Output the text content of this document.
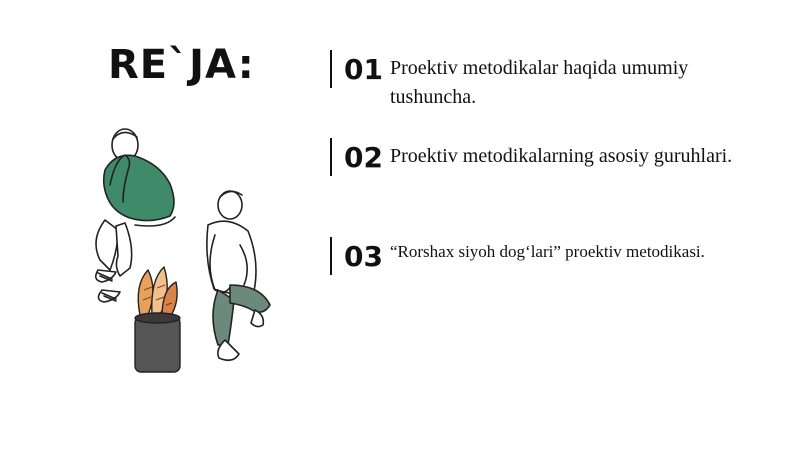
RE`JA:	01 Proektiv metodikalar haqida umumiy tushuncha.
02 Proektiv metodikalarning asosiy guruhlari.
03 “Rorshax siyoh dog‘lari” proektiv metodikasi.
